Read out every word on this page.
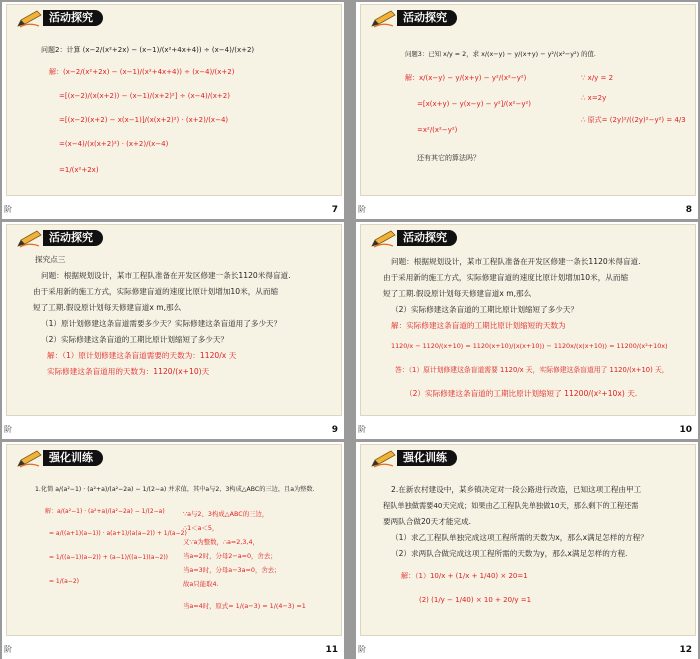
活动探究
问题2：计算 (x−2/(x²+2x) − (x−1)/(x²+4x+4)) ÷ (x−4)/(x+2)
解：(x−2/(x²+2x) − (x−1)/(x²+4x+4)) ÷ (x−4)/(x+2)
=[(x−2)/(x(x+2)) − (x−1)/(x+2)²] ÷ (x−4)/(x+2)
=[(x−2)(x+2) − x(x−1)]/(x(x+2)²) · (x+2)/(x−4)
=(x−4)/(x(x+2)²) · (x+2)/(x−4)
=1/(x²+2x)
阶	7
活动探究
问题3：已知 x/y = 2，求 x/(x−y) − y/(x+y) − y²/(x²−y²) 的值.
解：x/(x−y) − y/(x+y) − y²/(x²−y²)
=[x(x+y) − y(x−y) − y²]/(x²−y²)
=x²/(x²−y²)
∵ x/y = 2
∴ x=2y
∴ 原式= (2y)²/((2y)²−y²) = 4/3
还有其它的算法吗？
阶	8
活动探究
探究点三
问题：根据规划设计，某市工程队准备在开发区修建一条长1120米得盲道.
由于采用新的施工方式，实际修建盲道的速度比原计划增加10米，从而缩
短了工期.假设原计划每天修建盲道x m,那么
（1）原计划修建这条盲道需要多少天？实际修建这条盲道用了多少天？
（2）实际修建这条盲道的工期比原计划缩短了多少天？
解：（1）原计划修建这条盲道需要的天数为：1120/x 天
实际修建这条盲道用的天数为：1120/(x+10)天
阶	9
活动探究
问题：根据规划设计，某市工程队准备在开发区修建一条长1120米得盲道.
由于采用新的施工方式，实际修建盲道的速度比原计划增加10米，从而缩
短了工期.假设原计划每天修建盲道x m,那么
（2）实际修建这条盲道的工期比原计划缩短了多少天？
解：实际修建这条盲道的工期比原计划缩短的天数为
1120/x − 1120/(x+10) = 1120(x+10)/(x(x+10)) − 1120x/(x(x+10)) = 11200/(x²+10x)
答：（1）原计划修建这条盲道需要 1120/x 天，实际修建这条盲道用了 1120/(x+10) 天，
（2）实际修建这条盲道的工期比原计划缩短了 11200/(x²+10x) 天.
阶	10
强化训练
1.化简 a/(a²−1) · (a²+a)/(a²−2a) − 1/(2−a) 并求值，其中a与2、3构成△ABC的三边，且a为整数.
解：a/(a²−1) · (a²+a)/(a²−2a) − 1/(2−a)
= a/((a+1)(a−1)) · a(a+1)/(a(a−2)) + 1/(a−2)
= 1/((a−1)(a−2)) + (a−1)/((a−1)(a−2))
= 1/(a−2)
∵a与2、3构成△ABC的三边，
∴1＜a＜5，
又∵a为整数，∴a=2,3,4，
当a=2时，分母2−a=0，舍去；
当a=3时，分母a−3a=0，舍去；
故a只能取4.
当a=4时，原式= 1/(a−3) = 1/(4−3) =1
阶	11
强化训练
2.在新农村建设中，某乡镇决定对一段公路进行改造，已知这项工程由甲工
程队单独做需要40天完成；如果由乙工程队先单独做10天，那么剩下的工程还需
要两队合做20天才能完成.
（1）求乙工程队单独完成这项工程所需的天数为x，那么x满足怎样的方程？
（2）求两队合做完成这项工程所需的天数为y，那么x满足怎样的方程.
解：（1）10/x + (1/x + 1/40) × 20=1
(2) (1/y − 1/40) × 10 + 20/y =1
阶	12
